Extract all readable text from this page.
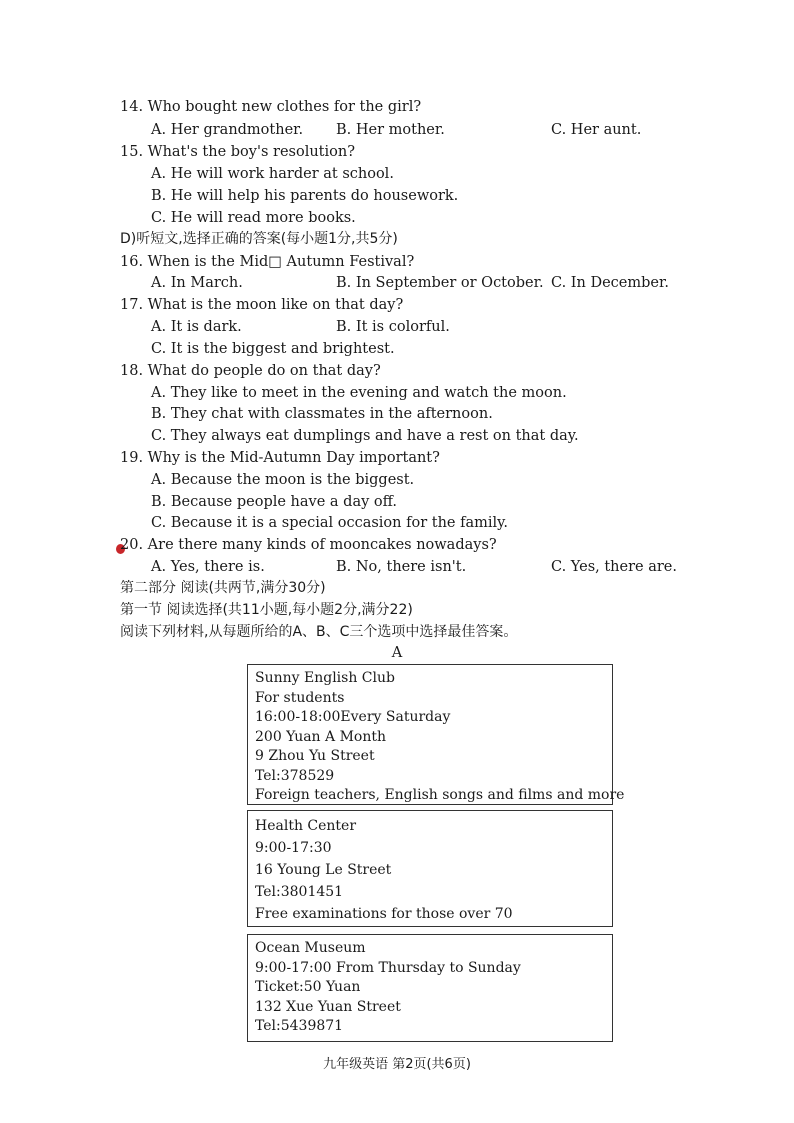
14. Who bought new clothes for the girl?
A. Her grandmother. B. Her mother.	C. Her aunt.
15. What's the boy's resolution?
A. He will work harder at school.
B. He will help his parents do housework.
C. He will read more books.
D)听短文,选择正确的答案(每小题1分,共5分)
16. When is the Mid□ Autumn Festival?
A. In March.	B. In September or October. C. In December.
17. What is the moon like on that day?
A. It is dark.	B. It is colorful.
C. It is the biggest and brightest.
18. What do people do on that day?
A. They like to meet in the evening and watch the moon.
B. They chat with classmates in the afternoon.
C. They always eat dumplings and have a rest on that day.
19. Why is the Mid-Autumn Day important?
A. Because the moon is the biggest.
B. Because people have a day off.
C. Because it is a special occasion for the family.
20. Are there many kinds of mooncakes nowadays?
A. Yes, there is.	B. No, there isn't.	C. Yes, there are.
第二部分 阅读(共两节,满分30分)
第一节 阅读选择(共11小题,每小题2分,满分22)
阅读下列材料,从每题所给的A、B、C三个选项中选择最佳答案。
A
Sunny English Club
For students
16:00-18:00Every Saturday
200 Yuan A Month
9 Zhou Yu Street
Tel:378529
Foreign teachers, English songs and films and more
Health Center
9:00-17:30
16 Young Le Street
Tel:3801451
Free examinations for those over 70
Ocean Museum
9:00-17:00 From Thursday to Sunday
Ticket:50 Yuan
132 Xue Yuan Street
Tel:5439871
九年级英语 第2页(共6页)
